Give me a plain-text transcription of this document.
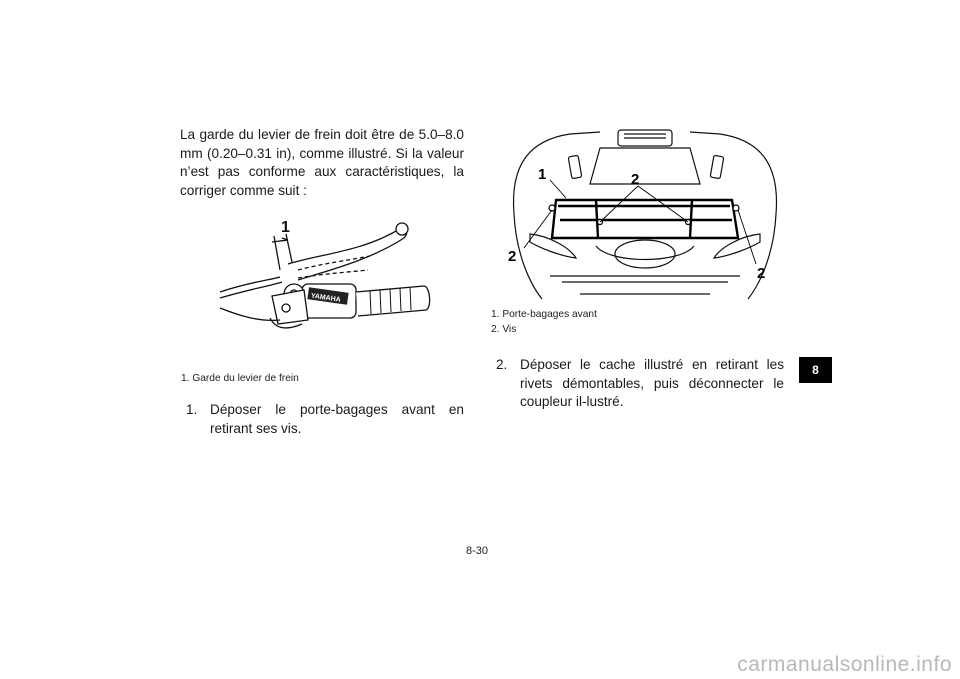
La garde du levier de frein doit être de 5.0–8.0 mm (0.20–0.31 in), comme illustré. Si la valeur n’est pas conforme aux caractéristiques, la corriger comme suit :

YAMAHA
1

1. Garde du levier de frein

1. Déposer le porte-bagages avant en retirant ses vis.
1	2
2
2

1. Porte-bagages avant

2. Vis

2. Déposer le cache illustré en retirant les rivets démontables, puis déconnecter le coupleur il-lustré.
8
8-30
carmanualsonline.info
